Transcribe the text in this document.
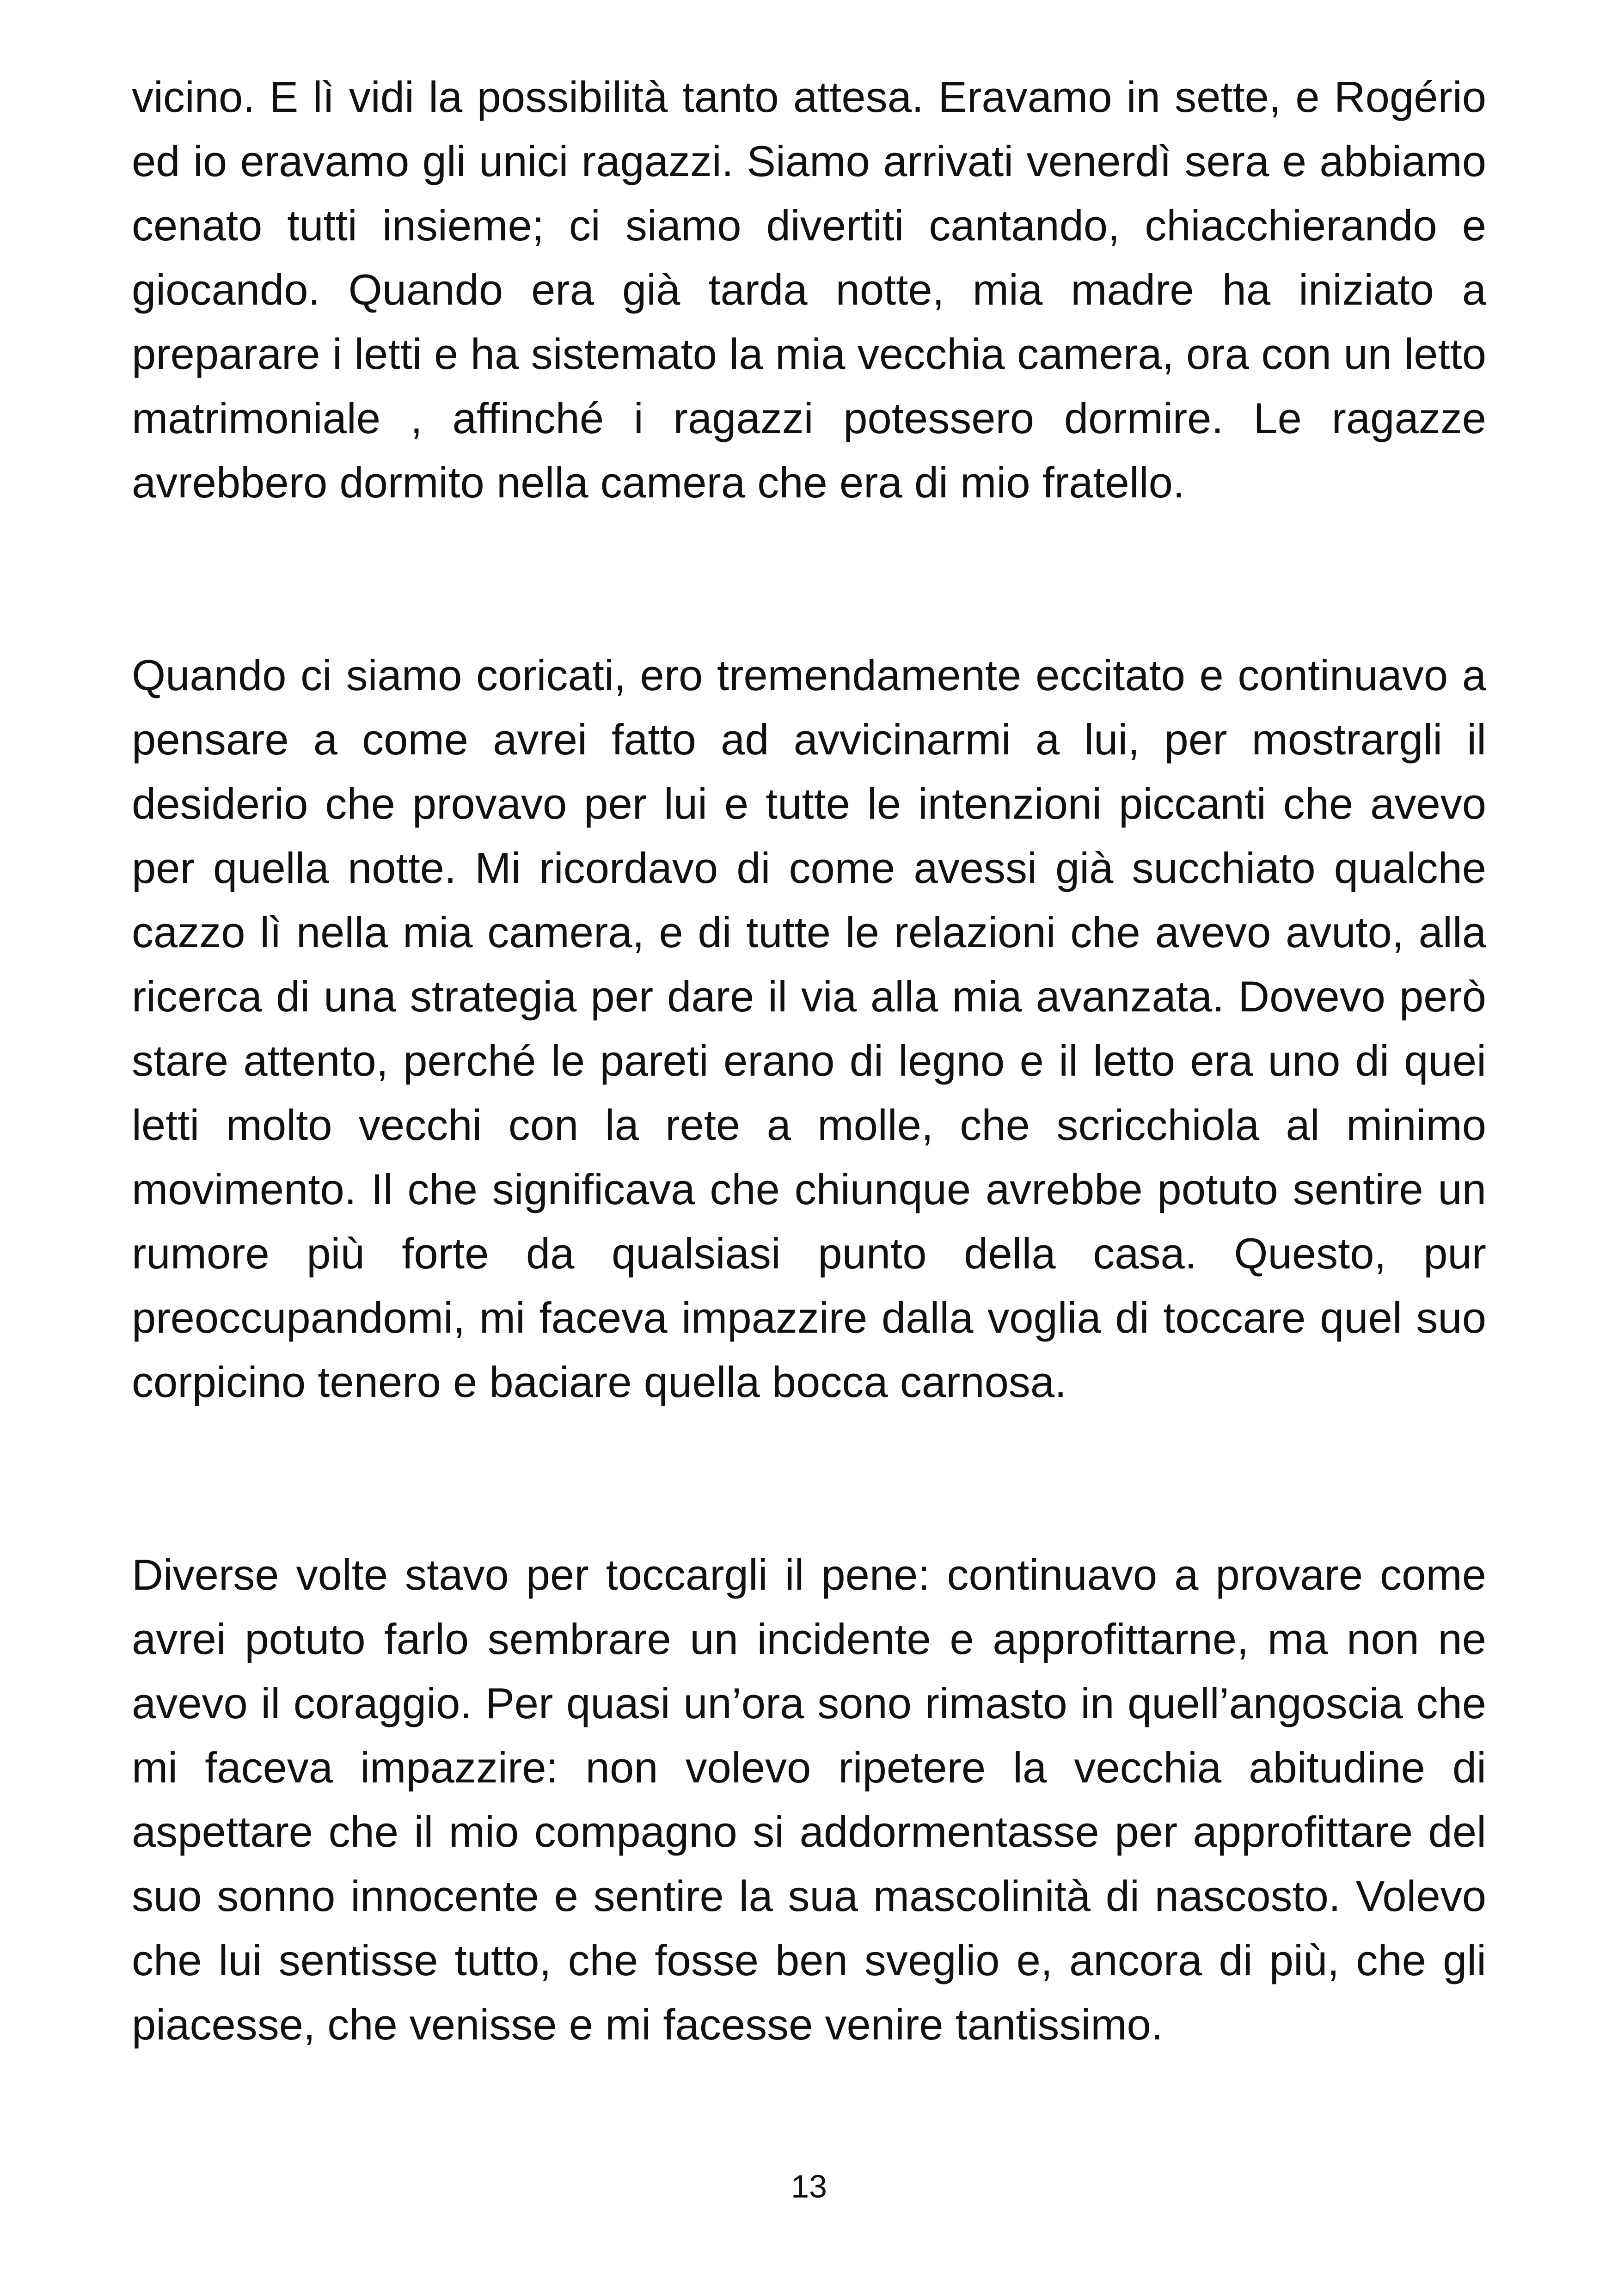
vicino. E lì vidi la possibilità tanto attesa. Eravamo in sette, e Rogério ed io eravamo gli unici ragazzi. Siamo arrivati venerdì sera e abbiamo cenato tutti insieme; ci siamo divertiti cantando, chiacchierando e giocando. Quando era già tarda notte, mia madre ha iniziato a preparare i letti e ha sistemato la mia vecchia camera, ora con un letto matrimoniale , affinché i ragazzi potessero dormire. Le ragazze avrebbero dormito nella camera che era di mio fratello.

Quando ci siamo coricati, ero tremendamente eccitato e continuavo a pensare a come avrei fatto ad avvicinarmi a lui, per mostrargli il desiderio che provavo per lui e tutte le intenzioni piccanti che avevo per quella notte. Mi ricordavo di come avessi già succhiato qualche cazzo lì nella mia camera, e di tutte le relazioni che avevo avuto, alla ricerca di una strategia per dare il via alla mia avanzata. Dovevo però stare attento, perché le pareti erano di legno e il letto era uno di quei letti molto vecchi con la rete a molle, che scricchiola al minimo movimento. Il che significava che chiunque avrebbe potuto sentire un rumore più forte da qualsiasi punto della casa. Questo, pur preoccupandomi, mi faceva impazzire dalla voglia di toccare quel suo corpicino tenero e baciare quella bocca carnosa.

Diverse volte stavo per toccargli il pene: continuavo a provare come avrei potuto farlo sembrare un incidente e approfittarne, ma non ne avevo il coraggio. Per quasi un’ora sono rimasto in quell’angoscia che mi faceva impazzire: non volevo ripetere la vecchia abitudine di aspettare che il mio compagno si addormentasse per approfittare del suo sonno innocente e sentire la sua mascolinità di nascosto. Volevo che lui sentisse tutto, che fosse ben sveglio e, ancora di più, che gli piacesse, che venisse e mi facesse venire tantissimo.

13
